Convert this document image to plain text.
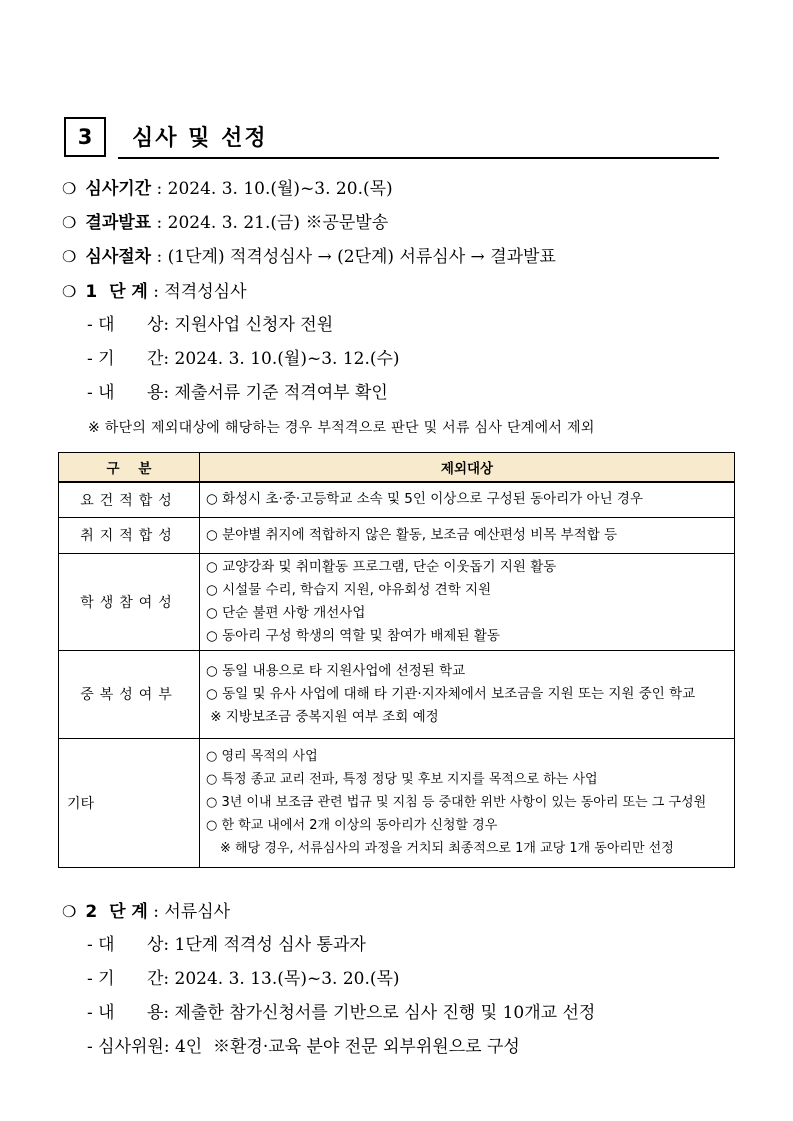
3 심사 및 선정
❍ 심사기간 : 2024. 3. 10.(월)~3. 20.(목)
❍ 결과발표 : 2024. 3. 21.(금) ※공문발송
❍ 심사절차 : (1단계) 적격성심사 → (2단계) 서류심사 → 결과발표
❍ 1  단 계 : 적격성심사
- 대      상: 지원사업 신청자 전원
- 기      간: 2024. 3. 10.(월)~3. 12.(수)
- 내      용: 제출서류 기준 적격여부 확인
※ 하단의 제외대상에 해당하는 경우 부적격으로 판단 및 서류 심사 단계에서 제외
구    분	제외대상
요건적합성	○ 화성시 초·중·고등학교 소속 및 5인 이상으로 구성된 동아리가 아닌 경우

취지적합성	○ 분야별 취지에 적합하지 않은 활동, 보조금 예산편성 비목 부적합 등

학생참여성	○ 교양강좌 및 취미활동 프로그램, 단순 이웃돕기 지원 활동
○ 시설물 수리, 학습지 지원, 야유회성 견학 지원
○ 단순 불편 사항 개선사업
○ 동아리 구성 학생의 역할 및 참여가 배제된 활동

중복성여부	○ 동일 내용으로 타 지원사업에 선정된 학교
○ 동일 및 유사 사업에 대해 타 기관·지자체에서 보조금을 지원 또는 지원 중인 학교
※ 지방보조금 중복지원 여부 조회 예정

기타	○ 영리 목적의 사업
○ 특정 종교 교리 전파, 특정 정당 및 후보 지지를 목적으로 하는 사업
○ 3년 이내 보조금 관련 법규 및 지침 등 중대한 위반 사항이 있는 동아리 또는 그 구성원
○ 한 학교 내에서 2개 이상의 동아리가 신청할 경우
※ 해당 경우, 서류심사의 과정을 거치되 최종적으로 1개 교당 1개 동아리만 선정
❍ 2  단 계 : 서류심사
- 대      상: 1단계 적격성 심사 통과자
- 기      간: 2024. 3. 13.(목)~3. 20.(목)
- 내      용: 제출한 참가신청서를 기반으로 심사 진행 및 10개교 선정
- 심사위원: 4인  ※환경·교육 분야 전문 외부위원으로 구성
